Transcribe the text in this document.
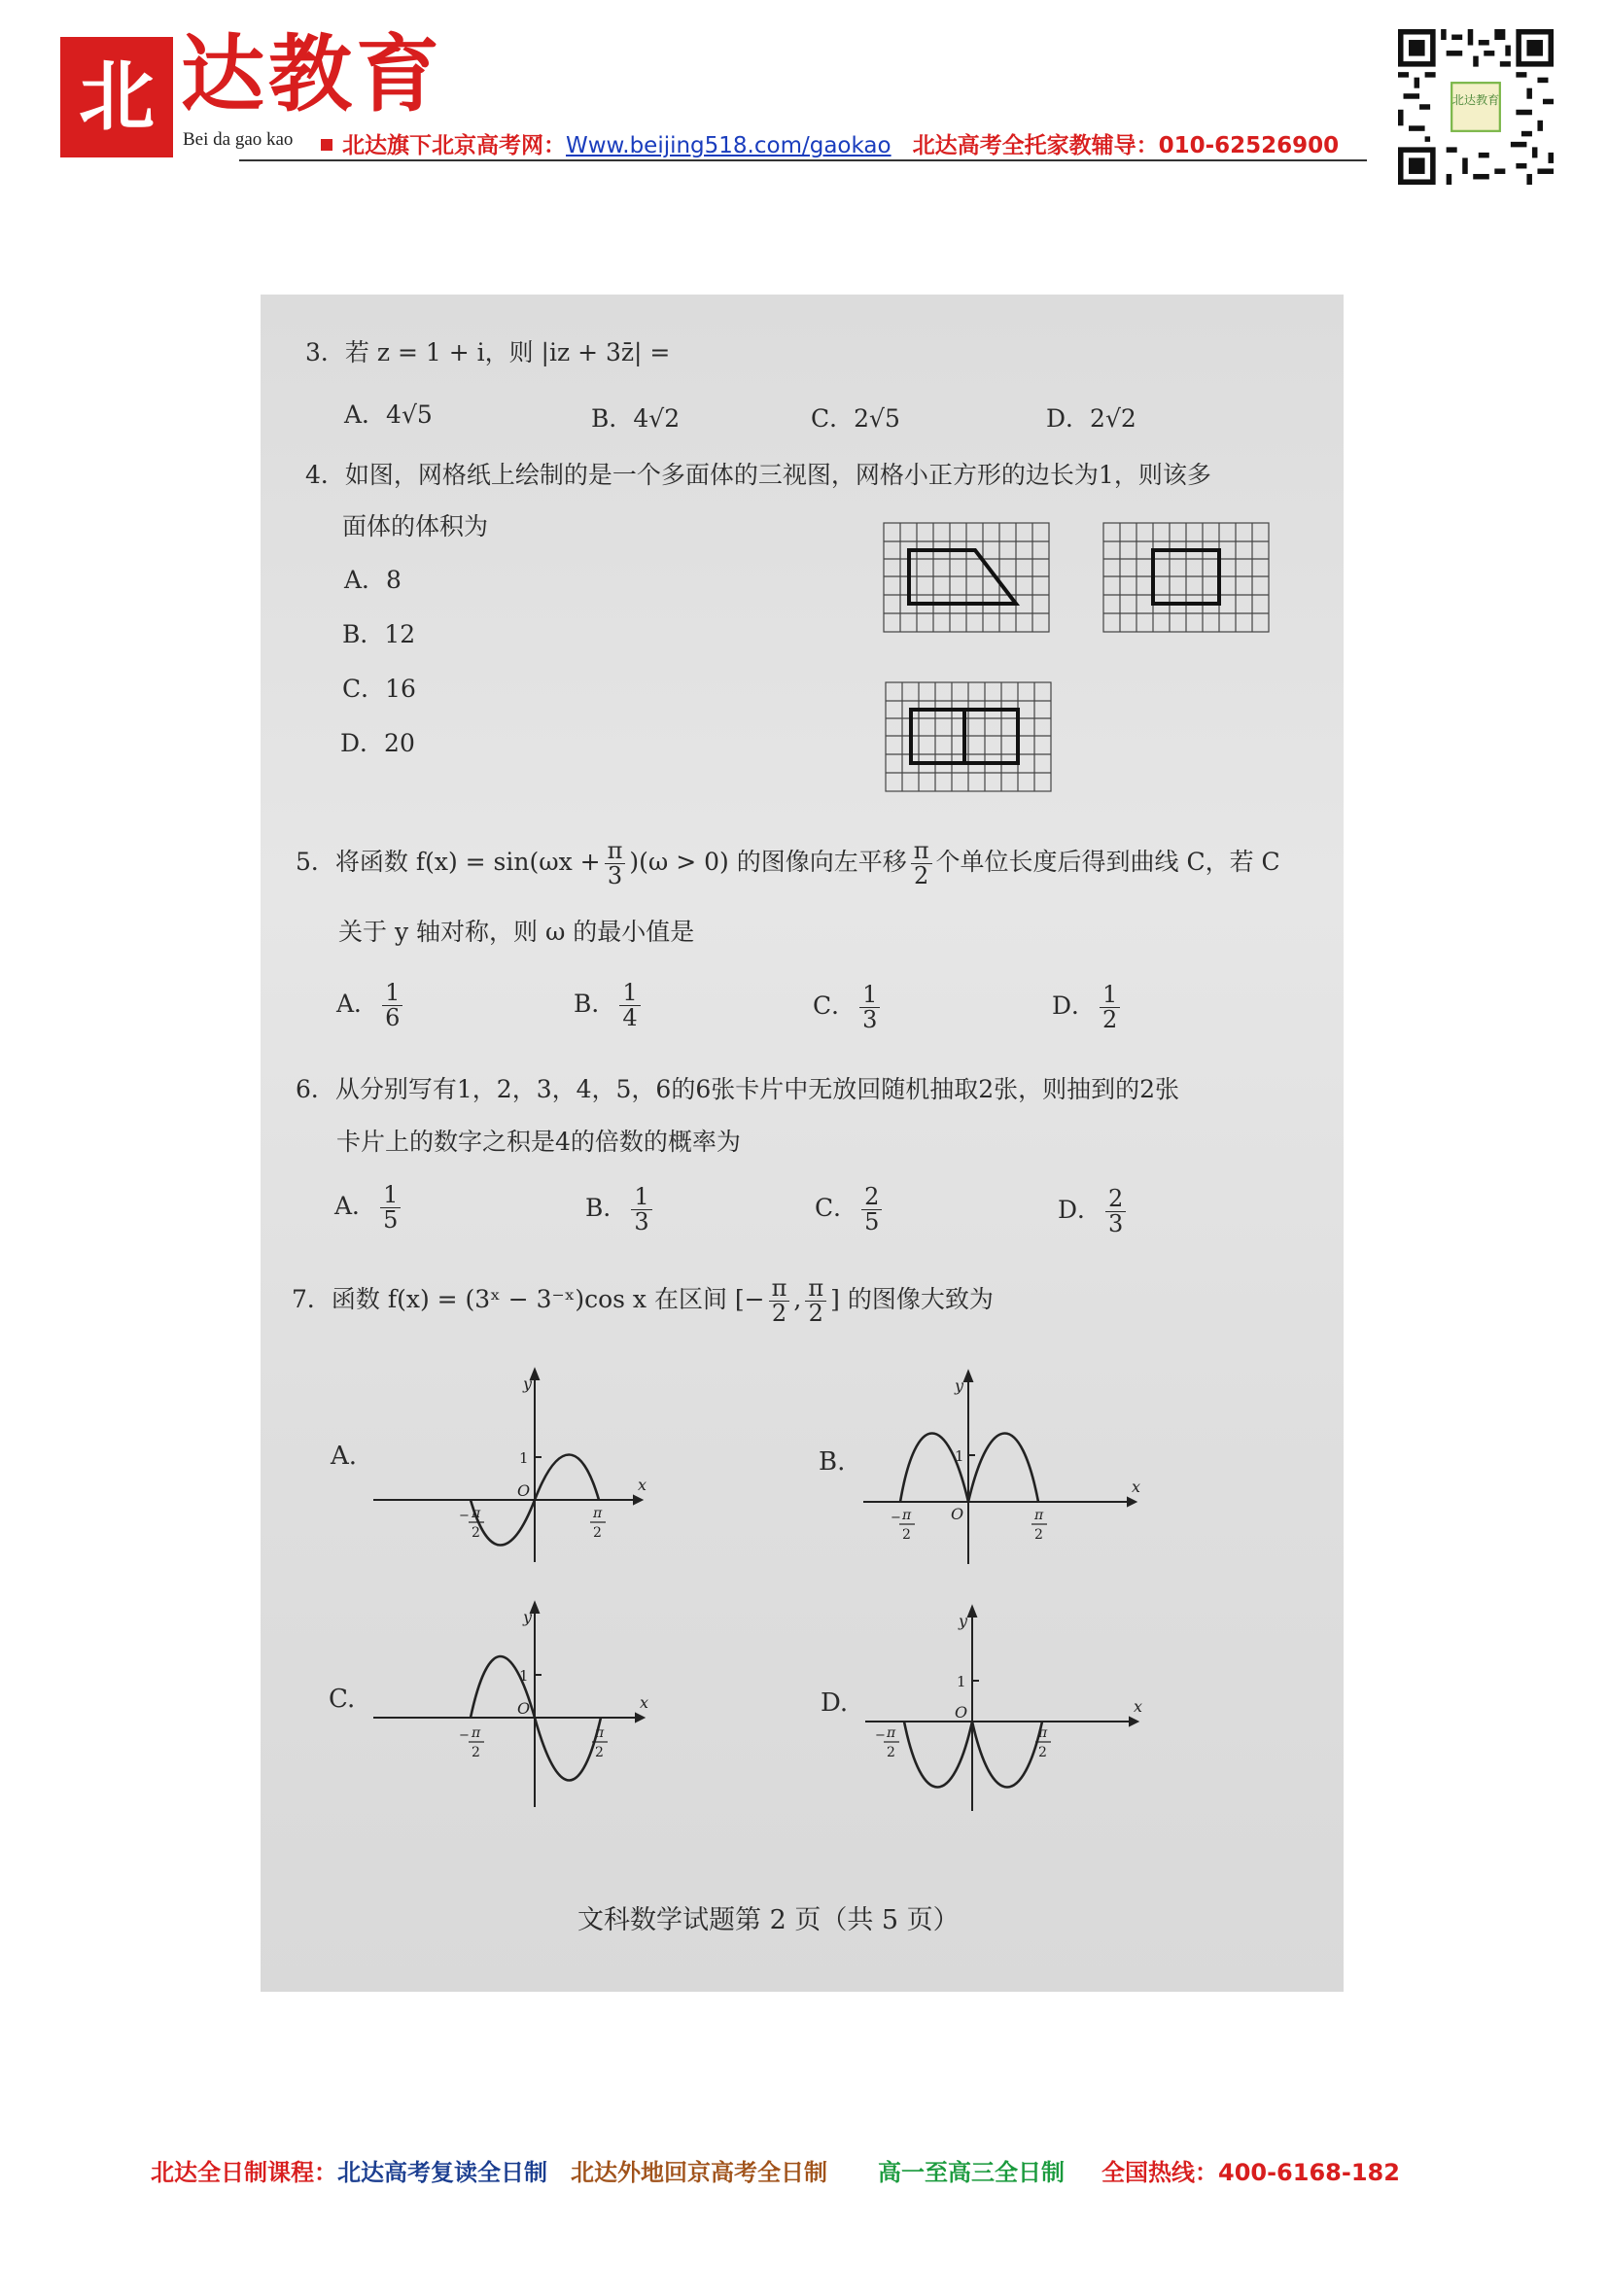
北 达教育
Bei da gao kao	北达旗下北京高考网：Www.beijing518.com/gaokao 北达高考全托家教辅导：010-62526900
北达教育
3．若 z = 1 + i，则 |iz + 3z̄| =
A．4√5	B．4√2	C．2√5	D．2√2
4．如图，网格纸上绘制的是一个多面体的三视图，网格小正方形的边长为1，则该多
面体的体积为
A．8
B．12
C．16
D．20
5．将函数 $f(x) = \sin(\omega x + \frac{\pi}{3} )(\omega > 0)$ 的图像向左平移 $\frac{\pi}{2}$ 个单位长度后得到曲线 C，若 C
关于 y 轴对称，则 ω 的最小值是
A． $\frac{1}{6}$	B． $\frac{1}{4}$	C． $\frac{1}{3}$	D． $\frac{1}{2}$
6．从分别写有1，2，3，4，5，6的6张卡片中无放回随机抽取2张，则抽到的2张
卡片上的数字之积是4的倍数的概率为
A． $\frac{1}{5}$	B． $\frac{1}{3}$	C． $\frac{2}{5}$	D． $\frac{2}{3}$
7．函数 f(x) = (3ˣ − 3⁻ˣ)cos x 在区间 [− $\frac{\pi}{2}$ , $\frac{\pi}{2}$ ] 的图像大致为
A.	B.
C.	D.
y
x
O
1
− π
2
π
2
y
x
O
1
− π
2
π
2
y
x
O
1
− π
2
π
2
y
x
O
1
− π
2
π
2
文科数学试题第 2 页（共 5 页）
北达全日制课程：北达高考复读全日制 北达外地回京高考全日制 高一至高三全日制 全国热线：400-6168-182
